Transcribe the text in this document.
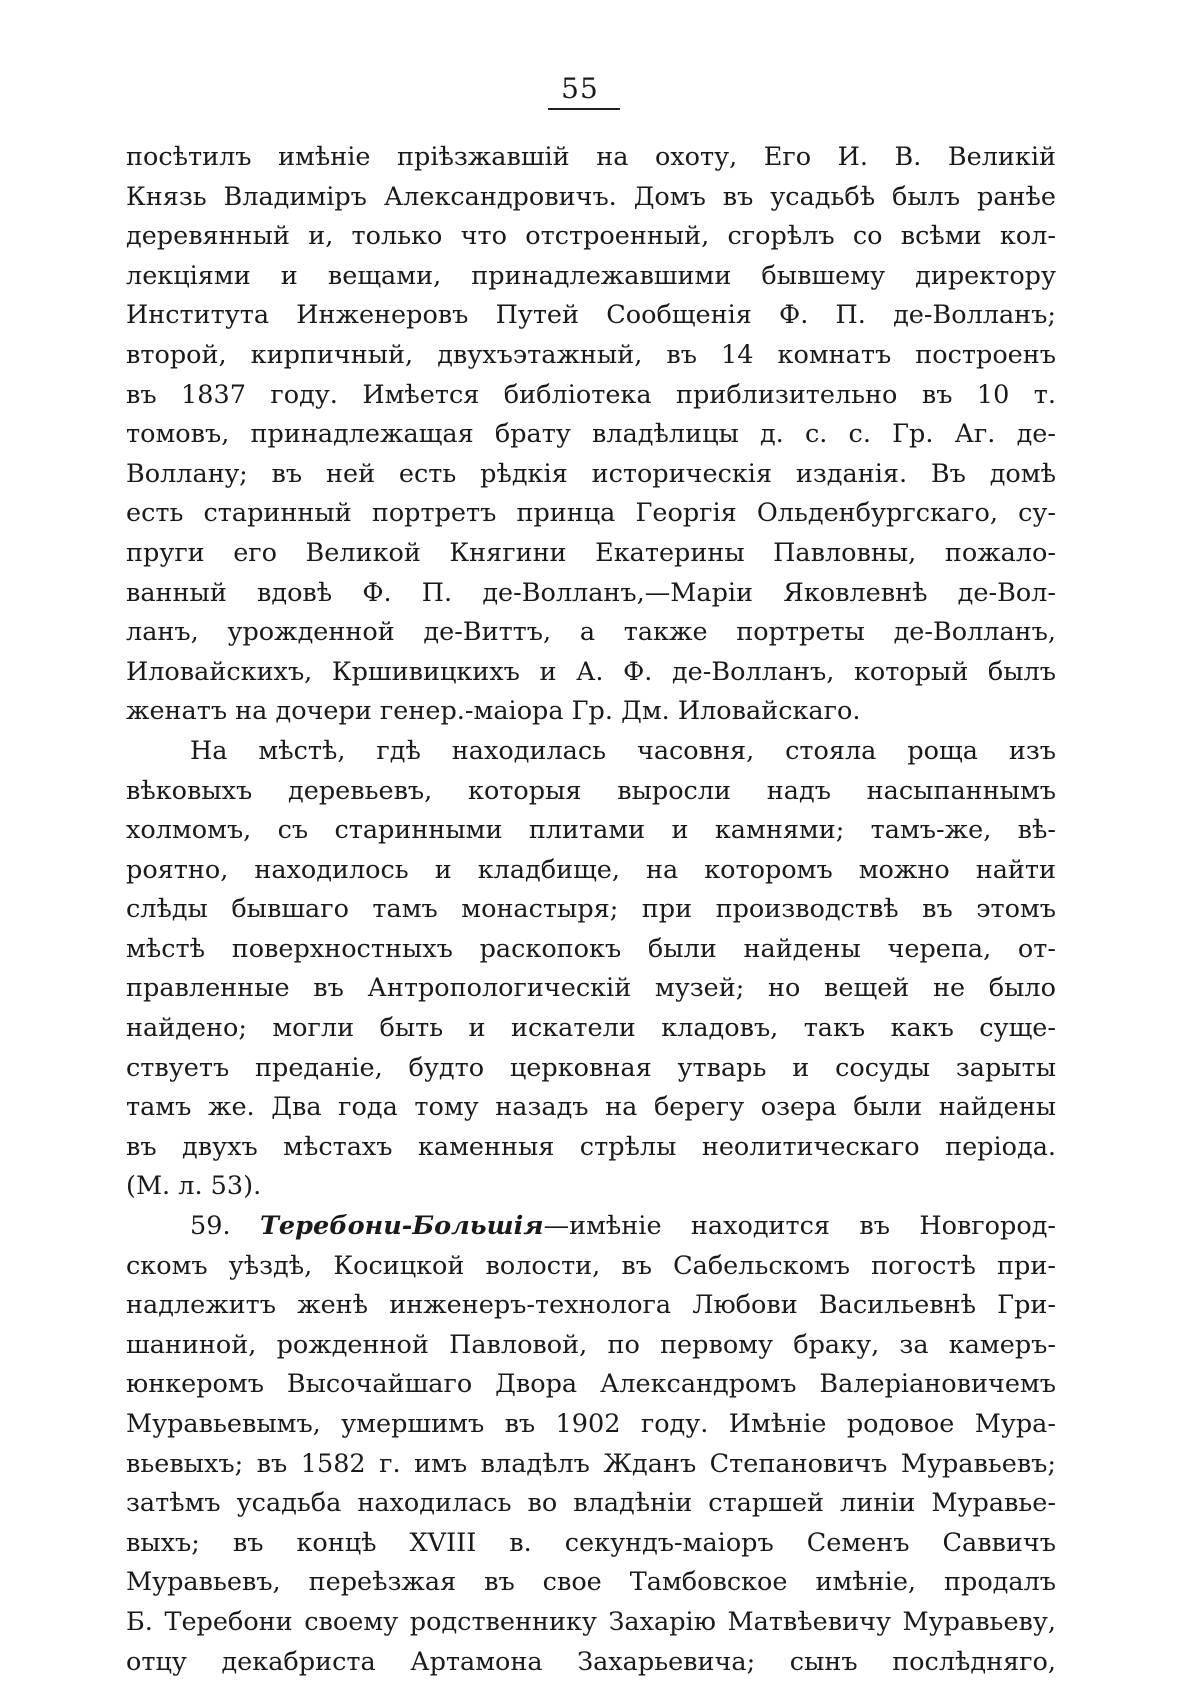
55
посѣтилъ имѣніе пріѣзжавшій на охоту, Его И. В. Великій
Князь Владиміръ Александровичъ. Домъ въ усадьбѣ былъ ранѣе
деревянный и, только что отстроенный, сгорѣлъ со всѣми кол-
лекціями и вещами, принадлежавшими бывшему директору
Института Инженеровъ Путей Сообщенія Ф. П. де-Волланъ;
второй, кирпичный, двухъэтажный, въ 14 комнатъ построенъ
въ 1837 году. Имѣется библіотека приблизительно въ 10 т.
томовъ, принадлежащая брату владѣлицы д. с. с. Гр. Аг. де-
Волланy; въ ней есть рѣдкія историческія изданія. Въ домѣ
есть старинный портретъ принца Георгія Ольденбургскаго, су-
пруги его Великой Княгини Екатерины Павловны, пожало-
ванный вдовѣ Ф. П. де-Волланъ,—Маріи Яковлевнѣ де-Вол-
ланъ, урожденной де-Виттъ, а также портреты де-Волланъ,
Иловайскихъ, Кршивицкихъ и А. Ф. де-Волланъ, который былъ
женатъ на дочери генер.-маіора Гр. Дм. Иловайскаго.
На мѣстѣ, гдѣ находилась часовня, стояла роща изъ
вѣковыхъ деревьевъ, которыя выросли надъ насыпаннымъ
холмомъ, съ старинными плитами и камнями; тамъ-же, вѣ-
роятно, находилось и кладбище, на которомъ можно найти
слѣды бывшаго тамъ монастыря; при производствѣ въ этомъ
мѣстѣ поверхностныхъ раскопокъ были найдены черепа, от-
правленные въ Антропологическій музей; но вещей не было
найдено; могли быть и искатели кладовъ, такъ какъ суще-
ствуетъ преданіе, будто церковная утварь и сосуды зарыты
тамъ же. Два года тому назадъ на берегу озера были найдены
въ двухъ мѣстахъ каменныя стрѣлы неолитическаго періода.
(М. л. 53).
59. Теребони-Большія—имѣніе находится въ Новгород-
скомъ уѣздѣ, Косицкой волости, въ Сабельскомъ погостѣ при-
надлежитъ женѣ инженеръ-технолога Любови Васильевнѣ Гри-
шаниной, рожденной Павловой, по первому браку, за камеръ-
юнкеромъ Высочайшаго Двора Александромъ Валеріановичемъ
Муравьевымъ, умершимъ въ 1902 году. Имѣніе родовое Мура-
вьевыхъ; въ 1582 г. имъ владѣлъ Жданъ Степановичъ Муравьевъ;
затѣмъ усадьба находилась во владѣніи старшей линіи Муравье-
выхъ; въ концѣ XVIII в. секундъ-маіоръ Семенъ Саввичъ
Муравьевъ, переѣзжая въ свое Тамбовское имѣніе, продалъ
Б. Теребони своему родственнику Захарію Матвѣевичу Муравьеву,
отцу декабриста Артамона Захарьевича; сынъ послѣдняго,
